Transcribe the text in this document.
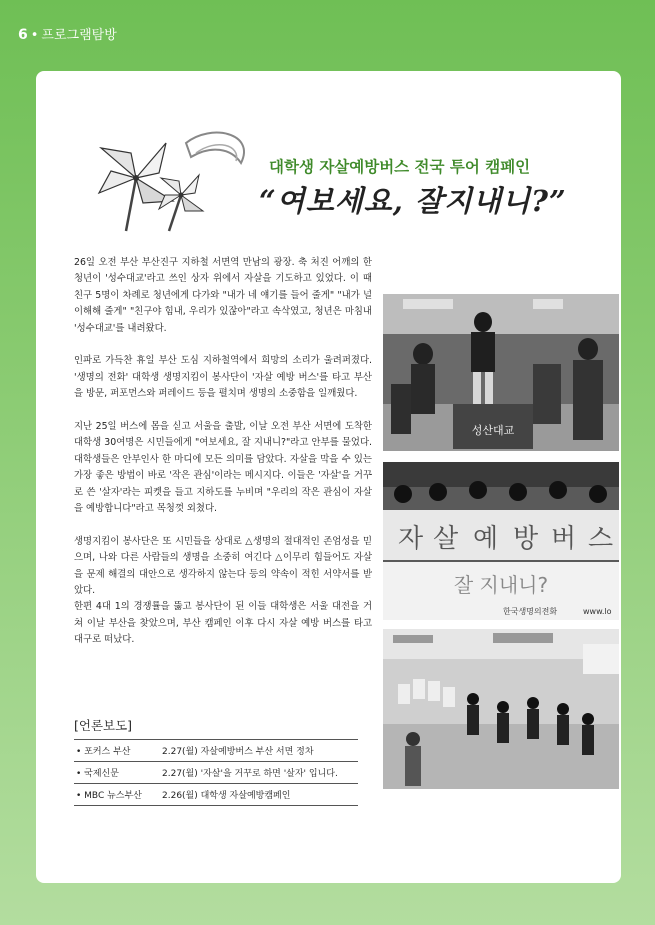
6 • 프로그램탐방
대학생 자살예방버스 전국 투어 캠페인
“여보세요, 잘지내니?”

26일 오전 부산 부산진구 지하철 서면역 만남의 광장. 축 처진 어깨의 한 청년이 '성수대교'라고 쓰인 상자 위에서 자살을 기도하고 있었다. 이 때 친구 5명이 차례로 청년에게 다가와 "내가 네 얘기를 들어 줄게" "내가 널 이해해 줄게" "친구야 힘내, 우리가 있잖아"라고 속삭였고, 청년은 마침내 '성수대교'를 내려왔다.

인파로 가득찬 휴일 부산 도심 지하철역에서 희망의 소리가 울려퍼졌다. '생명의 전화' 대학생 생명지킴이 봉사단이 '자살 예방 버스'를 타고 부산을 방문, 퍼포먼스와 퍼레이드 등을 펼치며 생명의 소중함을 일깨웠다.

지난 25일 버스에 몸을 싣고 서울을 출발, 이날 오전 부산 서면에 도착한 대학생 30여명은 시민들에게 "여보세요, 잘 지내니?"라고 안부를 물었다. 대학생들은 안부인사 한 마디에 모든 의미를 담았다. 자살을 막을 수 있는 가장 좋은 방법이 바로 '작은 관심'이라는 메시지다. 이들은 '자살'을 거꾸로 쓴 '살자'라는 피켓을 들고 지하도를 누비며 "우리의 작은 관심이 자살을 예방합니다"라고 목청껏 외쳤다.

생명지킴이 봉사단은 또 시민들을 상대로 △생명의 절대적인 존엄성을 믿으며, 나와 다른 사람들의 생명을 소중히 여긴다 △이무리 힘들어도 자살을 문제 해결의 대안으로 생각하지 않는다 등의 약속이 적힌 서약서를 받았다.

한편 4대 1의 경쟁률을 뚫고 봉사단이 된 이들 대학생은 서울 대전을 거쳐 이날 부산을 찾았으며, 부산 캠페인 이후 다시 자살 예방 버스를 타고 대구로 떠났다.

[언론보도]
• 포커스 부산	2.27(월) 자살예방버스 부산 서면 정차
• 국제신문	2.27(월) '자살'을 거꾸로 하면 '살자' 입니다.
• MBC 뉴스부산	2.26(월) 대학생 자살예방캠페인
성산대교
자 살 예 방 버 스
잘 지내니?
한국생명의전화	www.lo
